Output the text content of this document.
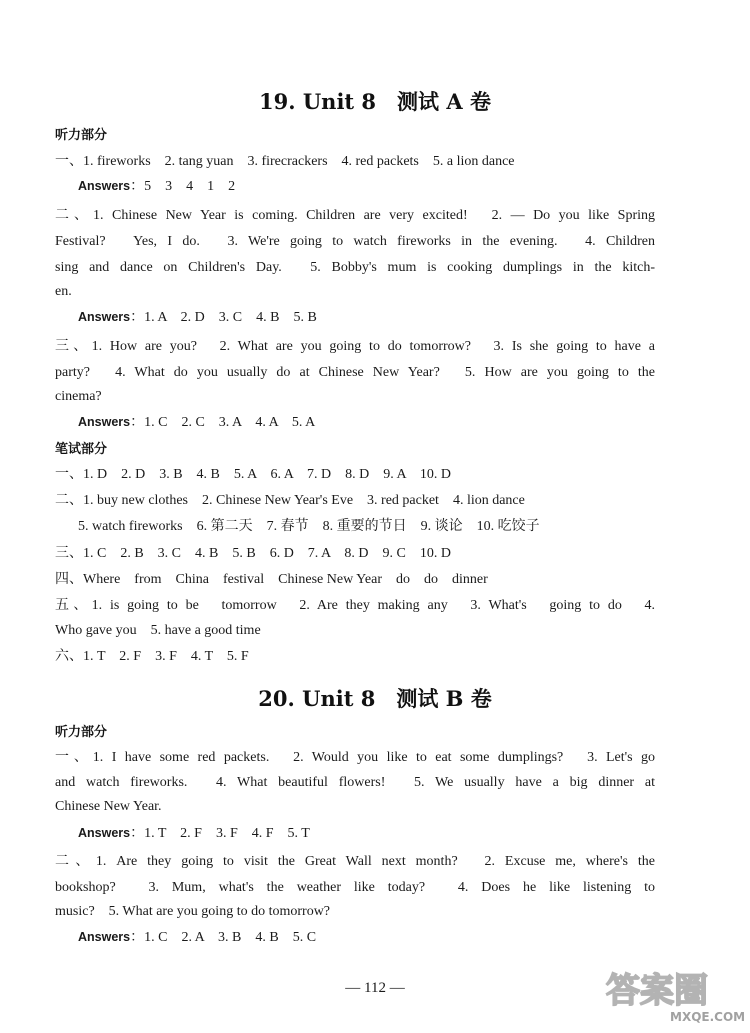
19. Unit 8　测试 A 卷
听力部分
一、1. fireworks　2. tang yuan　3. firecrackers　4. red packets　5. a lion dance
Answers：5　3　4　1　2
二、1. Chinese New Year is coming. Children are very excited!　2. — Do you like Spring
Festival?　Yes, I do.　3. We're going to watch fireworks in the evening.　4. Children
sing and dance on Children's Day.　5. Bobby's mum is cooking dumplings in the kitch-
en.
Answers：1. A　2. D　3. C　4. B　5. B
三、1. How are you?　2. What are you going to do tomorrow?　3. Is she going to have a
party?　4. What do you usually do at Chinese New Year?　5. How are you going to the
cinema?
Answers：1. C　2. C　3. A　4. A　5. A
笔试部分
一、1. D　2. D　3. B　4. B　5. A　6. A　7. D　8. D　9. A　10. D
二、1. buy new clothes　2. Chinese New Year's Eve　3. red packet　4. lion dance
5. watch fireworks　6. 第二天　7. 春节　8. 重要的节日　9. 谈论　10. 吃饺子
三、1. C　2. B　3. C　4. B　5. B　6. D　7. A　8. D　9. C　10. D
四、Where　from　China　festival　Chinese New Year　do　do　dinner
五、1. is going to be　tomorrow　2. Are they making any　3. What's　going to do　4.
Who gave you　5. have a good time
六、1. T　2. F　3. F　4. T　5. F
20. Unit 8　测试 B 卷
听力部分
一、1. I have some red packets.　2. Would you like to eat some dumplings?　3. Let's go
and watch fireworks.　4. What beautiful flowers!　5. We usually have a big dinner at
Chinese New Year.
Answers：1. T　2. F　3. F　4. F　5. T
二、1. Are they going to visit the Great Wall next month?　2. Excuse me, where's the
bookshop?　3. Mum, what's the weather like today?　4. Does he like listening to
music?　5. What are you going to do tomorrow?
Answers：1. C　2. A　3. B　4. B　5. C
— 112 —	答案圈
MXQE.COM
